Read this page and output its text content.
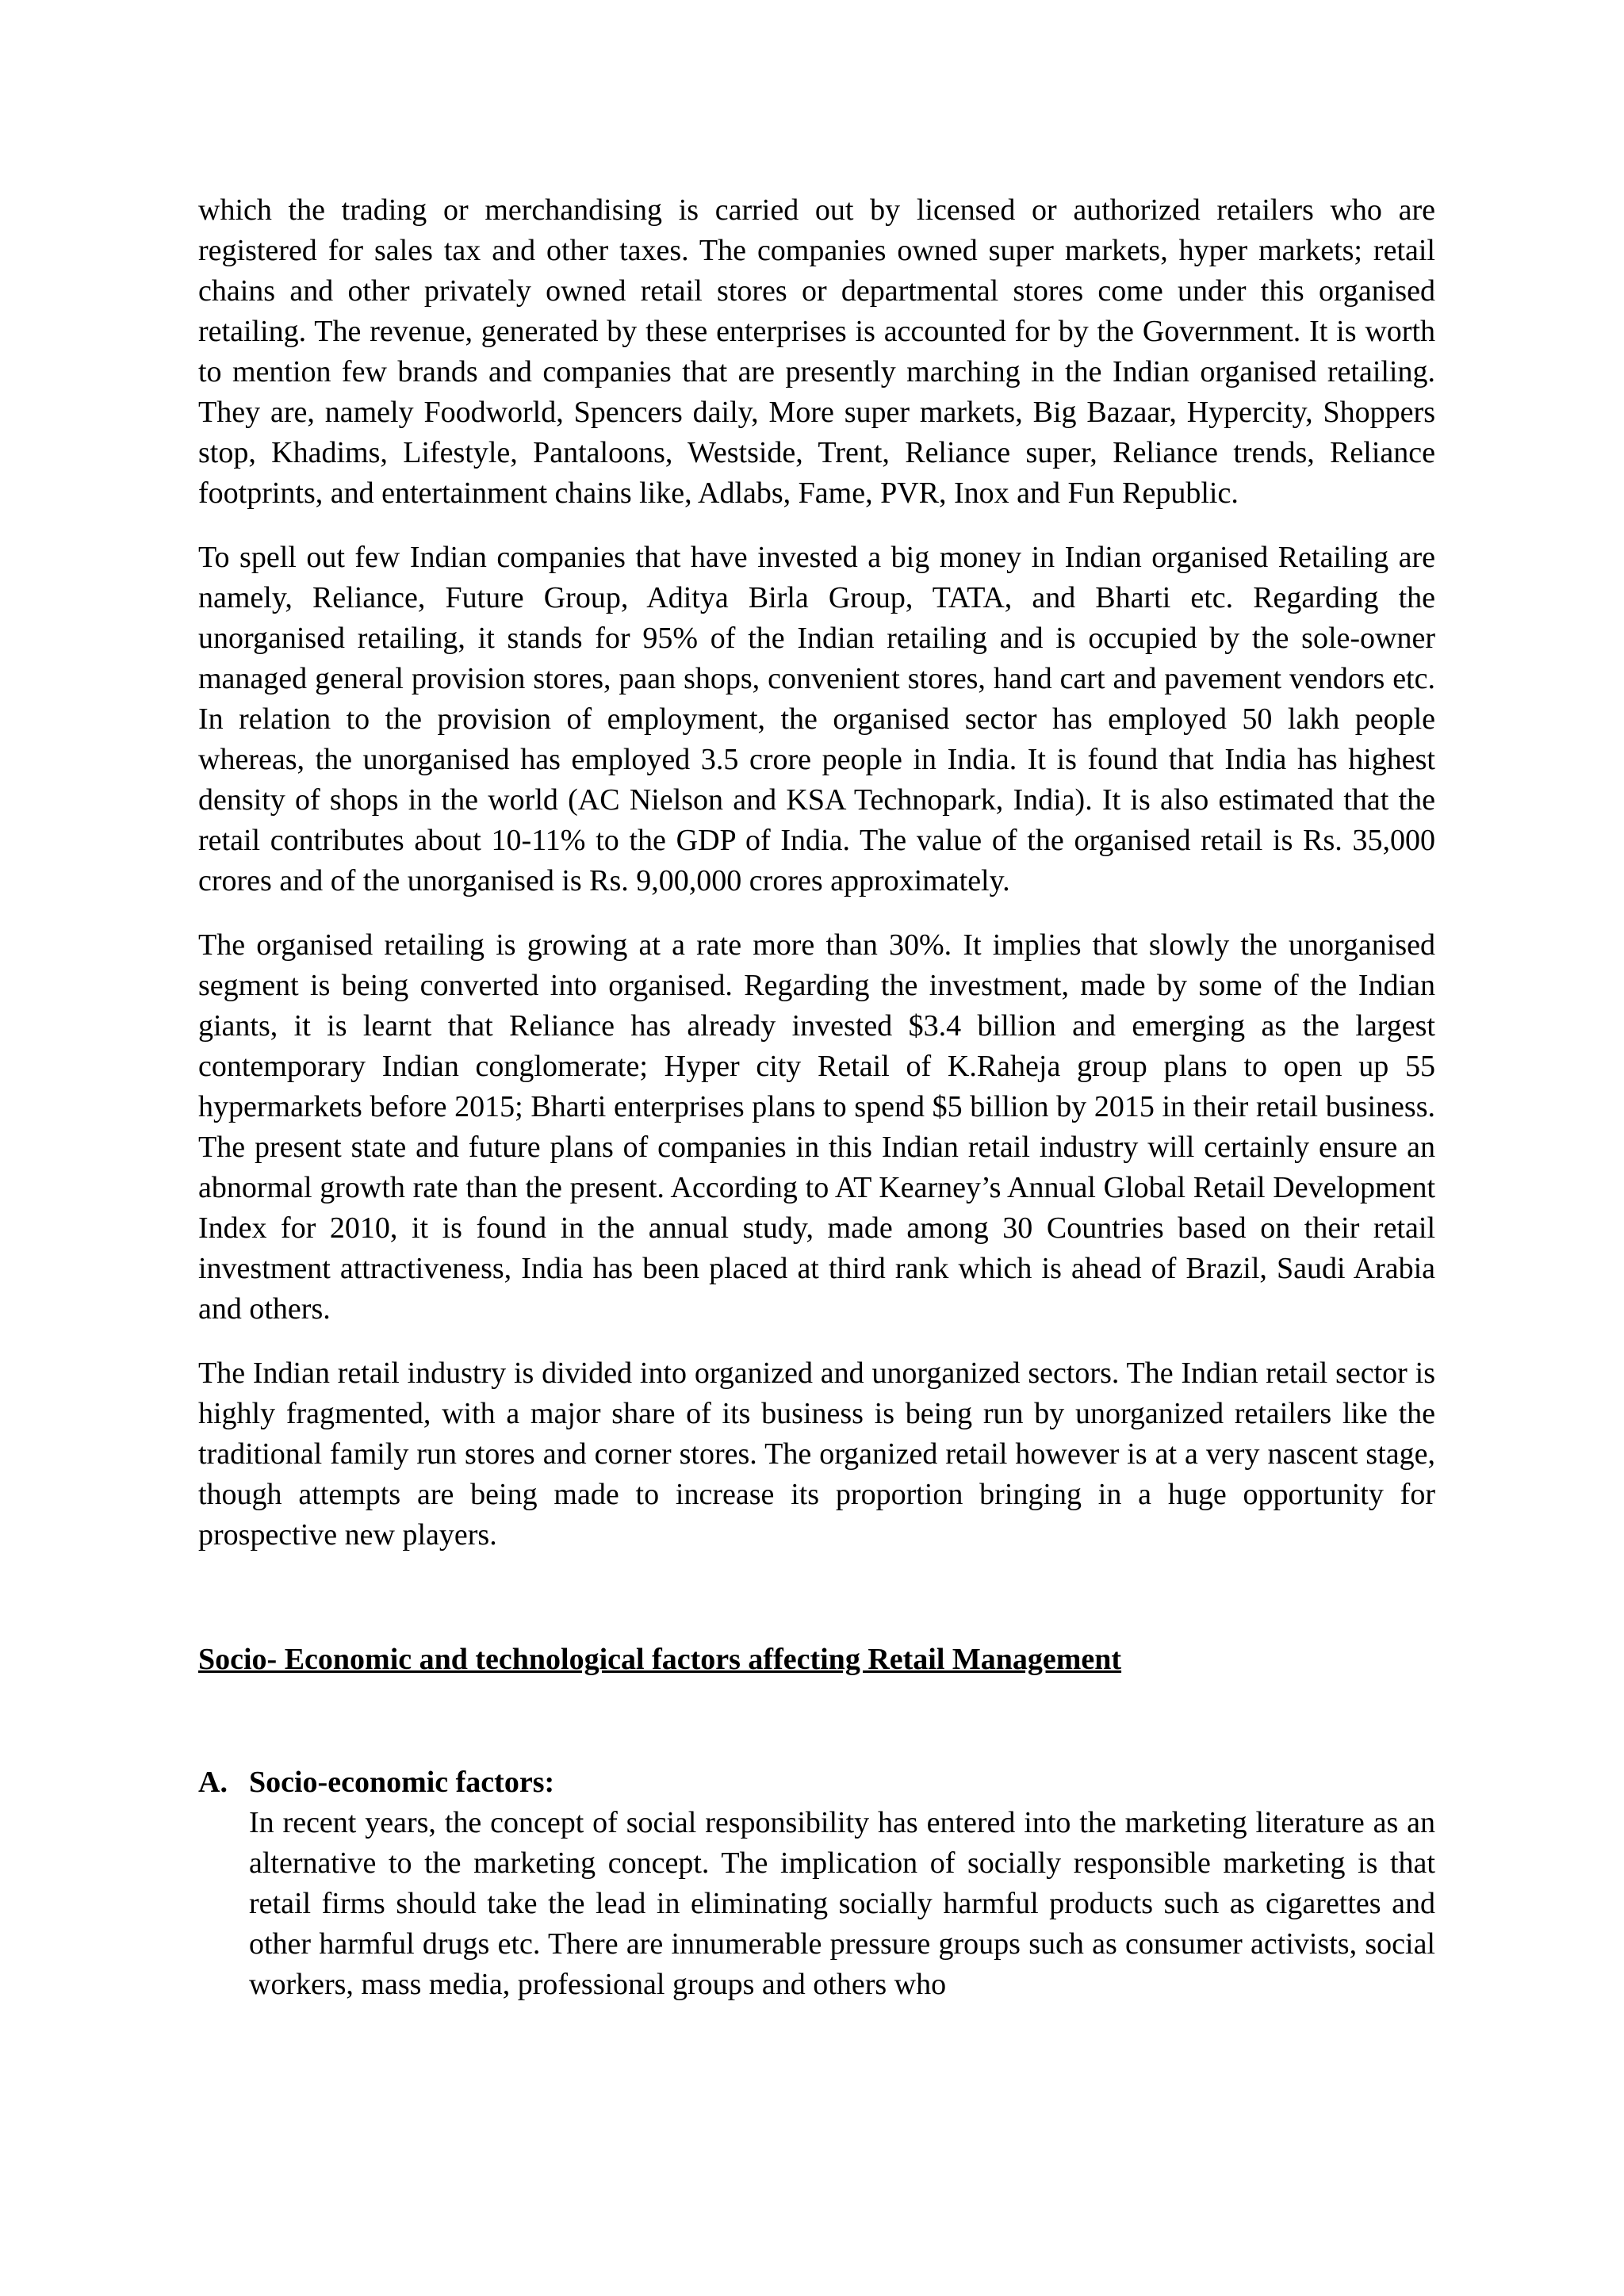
which the trading or merchandising is carried out by licensed or authorized retailers who are registered for sales tax and other taxes. The companies owned super markets, hyper markets; retail chains and other privately owned retail stores or departmental stores come under this organised retailing. The revenue, generated by these enterprises is accounted for by the Government. It is worth to mention few brands and companies that are presently marching in the Indian organised retailing. They are, namely Foodworld, Spencers daily, More super markets, Big Bazaar, Hypercity, Shoppers stop, Khadims, Lifestyle, Pantaloons, Westside, Trent, Reliance super, Reliance trends, Reliance footprints, and entertainment chains like, Adlabs, Fame, PVR, Inox and Fun Republic.

To spell out few Indian companies that have invested a big money in Indian organised Retailing are namely, Reliance, Future Group, Aditya Birla Group, TATA, and Bharti etc. Regarding the unorganised retailing, it stands for 95% of the Indian retailing and is occupied by the sole-owner managed general provision stores, paan shops, convenient stores, hand cart and pavement vendors etc. In relation to the provision of employment, the organised sector has employed 50 lakh people whereas, the unorganised has employed 3.5 crore people in India. It is found that India has highest density of shops in the world (AC Nielson and KSA Technopark, India). It is also estimated that the retail contributes about 10-11% to the GDP of India. The value of the organised retail is Rs. 35,000 crores and of the unorganised is Rs. 9,00,000 crores approximately.

The organised retailing is growing at a rate more than 30%. It implies that slowly the unorganised segment is being converted into organised. Regarding the investment, made by some of the Indian giants, it is learnt that Reliance has already invested $3.4 billion and emerging as the largest contemporary Indian conglomerate; Hyper city Retail of K.Raheja group plans to open up 55 hypermarkets before 2015; Bharti enterprises plans to spend $5 billion by 2015 in their retail business. The present state and future plans of companies in this Indian retail industry will certainly ensure an abnormal growth rate than the present. According to AT Kearney’s Annual Global Retail Development Index for 2010, it is found in the annual study, made among 30 Countries based on their retail investment attractiveness, India has been placed at third rank which is ahead of Brazil, Saudi Arabia and others.

The Indian retail industry is divided into organized and unorganized sectors. The Indian retail sector is highly fragmented, with a major share of its business is being run by unorganized retailers like the traditional family run stores and corner stores. The organized retail however is at a very nascent stage, though attempts are being made to increase its proportion bringing in a huge opportunity for prospective new players.

Socio- Economic and technological factors affecting Retail Management
A. Socio-economic factors:
In recent years, the concept of social responsibility has entered into the marketing literature as an alternative to the marketing concept. The implication of socially responsible marketing is that retail firms should take the lead in eliminating socially harmful products such as cigarettes and other harmful drugs etc. There are innumerable pressure groups such as consumer activists, social workers, mass media, professional groups and others who
